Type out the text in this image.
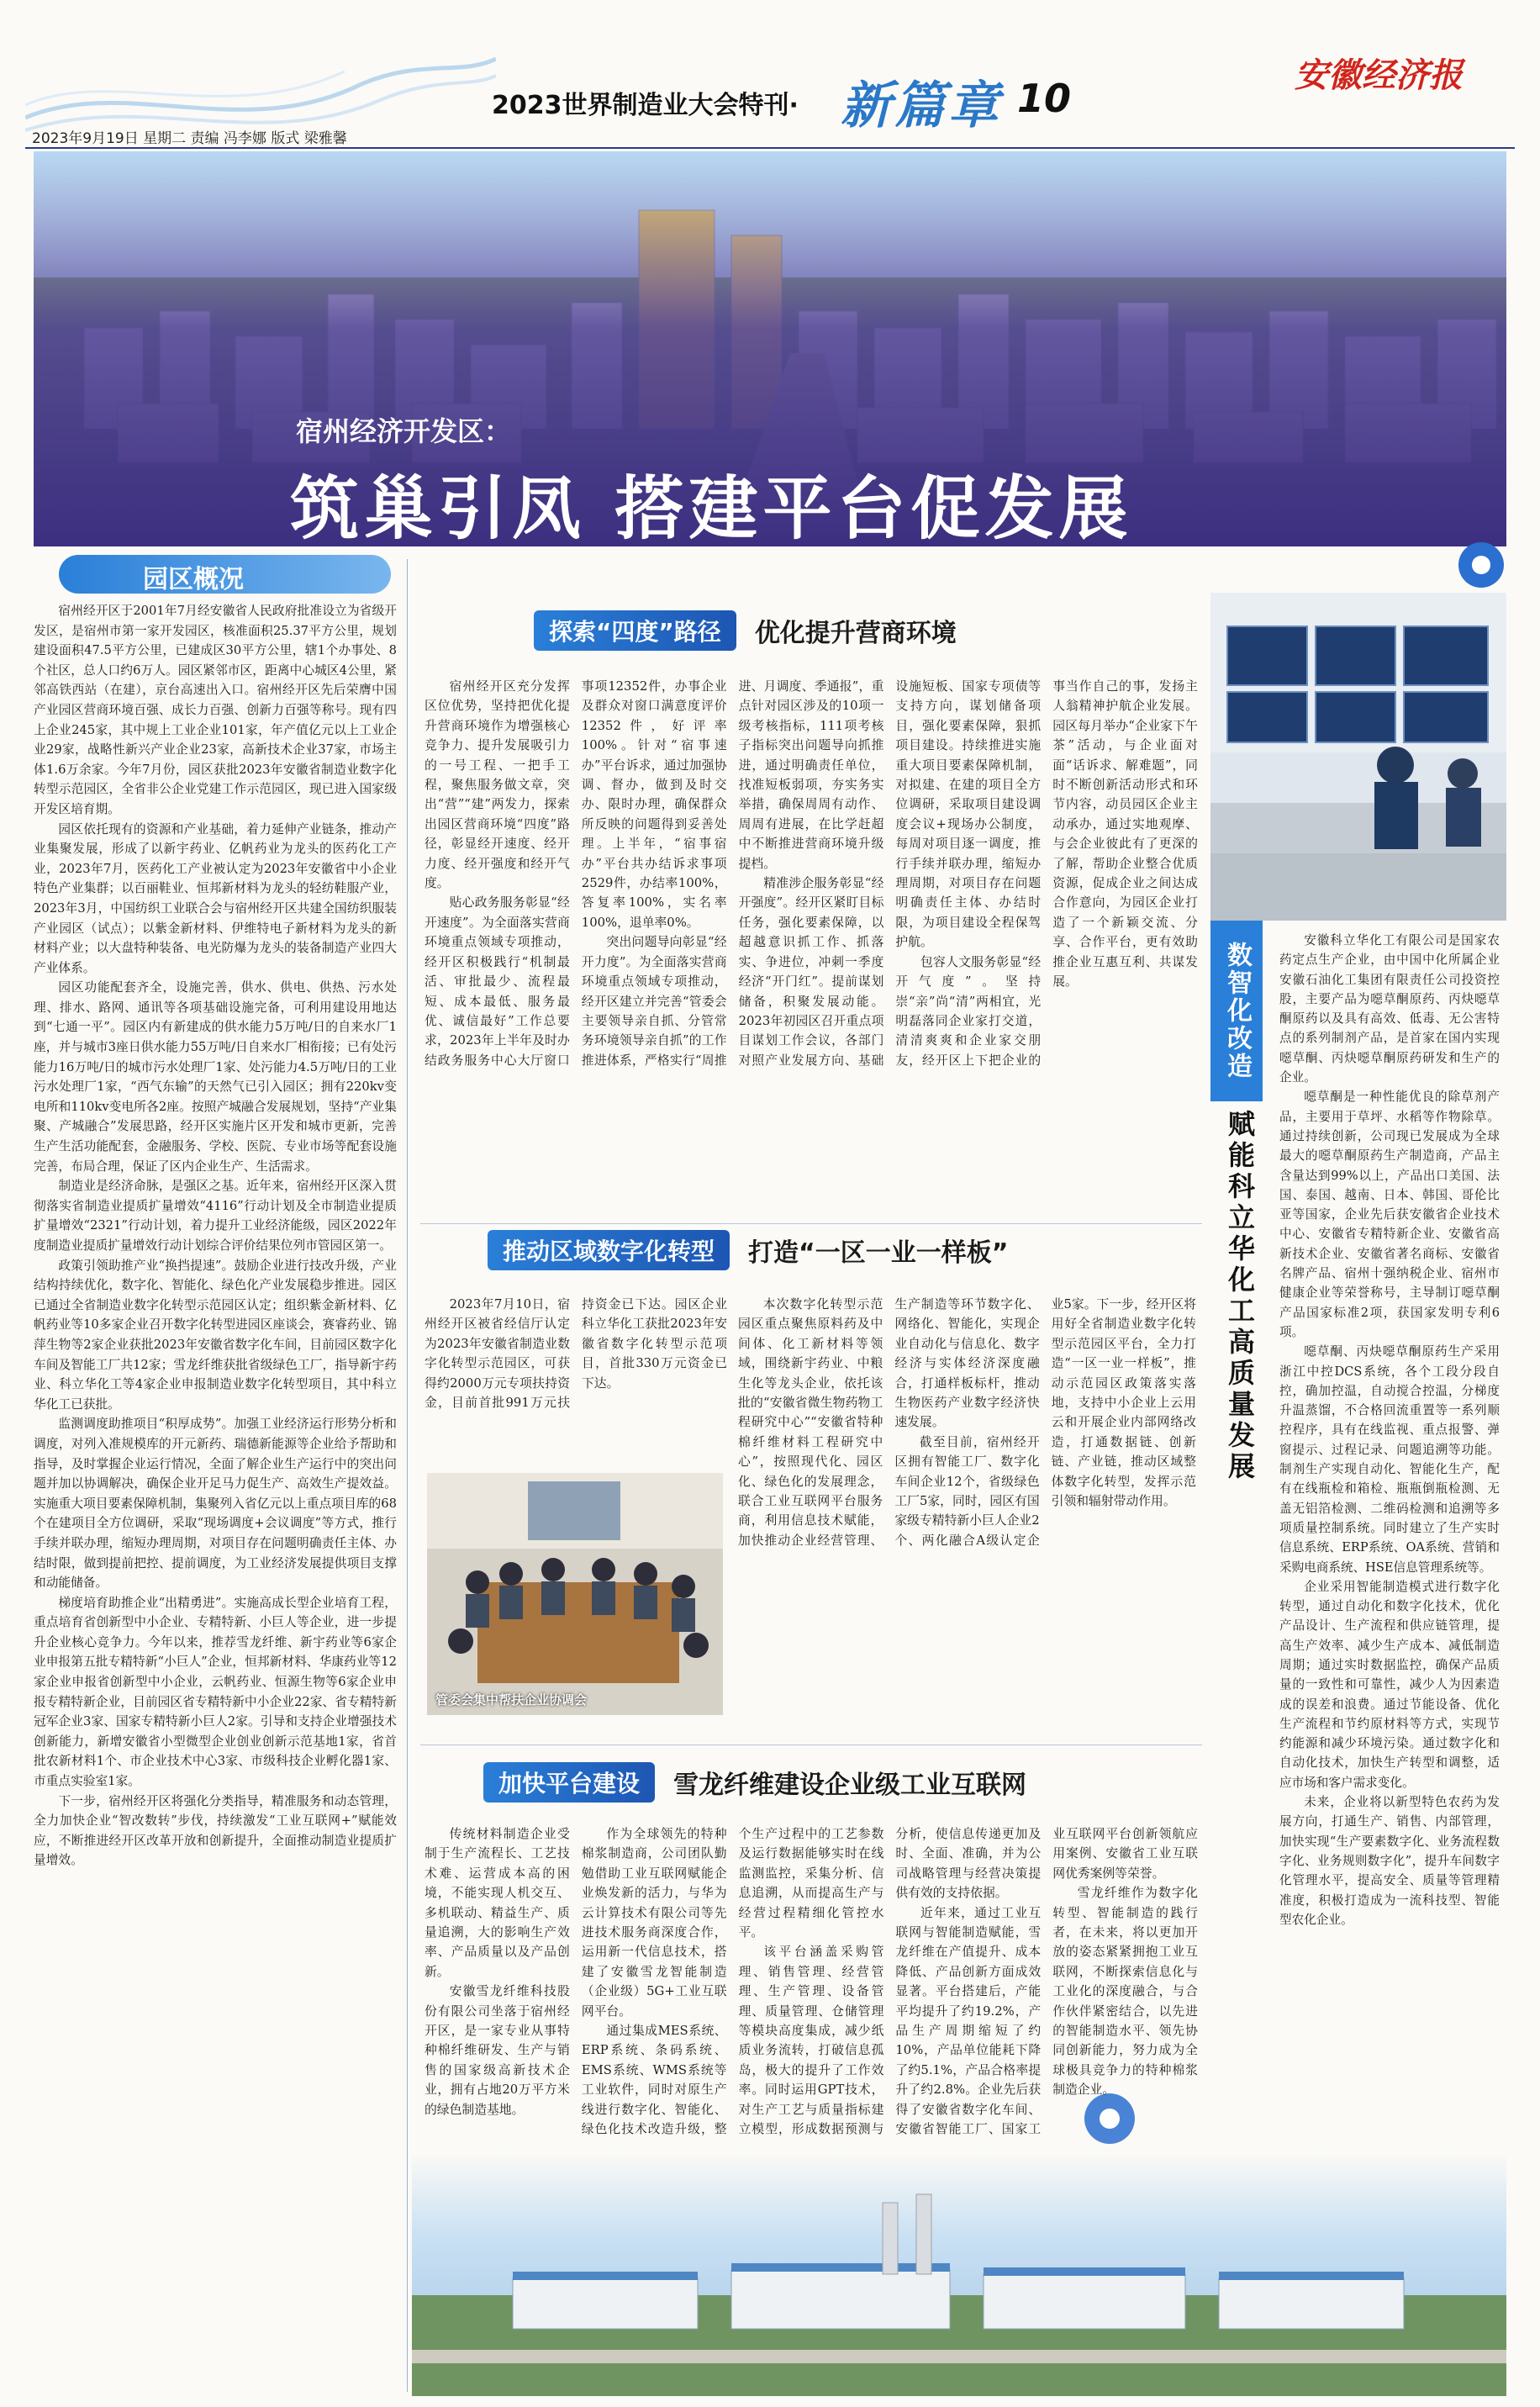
2023世界制造业大会特刊· 新篇章 10
安徽经济报
2023年9月19日 星期二 责编 冯李娜 版式 梁雅馨
宿州经济开发区：
筑巢引凤 搭建平台促发展
园区概况

宿州经开区于2001年7月经安徽省人民政府批准设立为省级开发区，是宿州市第一家开发园区，核准面积25.37平方公里，规划建设面积47.5平方公里，已建成区30平方公里，辖1个办事处、8个社区，总人口约6万人。园区紧邻市区，距离中心城区4公里，紧邻高铁西站（在建），京台高速出入口。宿州经开区先后荣膺中国产业园区营商环境百强、成长力百强、创新力百强等称号。现有四上企业245家，其中规上工业企业101家，年产值亿元以上工业企业29家，战略性新兴产业企业23家，高新技术企业37家，市场主体1.6万余家。今年7月份，园区获批2023年安徽省制造业数字化转型示范园区，全省非公企业党建工作示范园区，现已进入国家级开发区培育期。

园区依托现有的资源和产业基础，着力延伸产业链条，推动产业集聚发展，形成了以新宇药业、亿帆药业为龙头的医药化工产业，2023年7月，医药化工产业被认定为2023年安徽省中小企业特色产业集群；以百丽鞋业、恒邦新材料为龙头的轻纺鞋服产业，2023年3月，中国纺织工业联合会与宿州经开区共建全国纺织服装产业园区（试点）；以紫金新材料、伊维特电子新材料为龙头的新材料产业；以大盘特种装备、电光防爆为龙头的装备制造产业四大产业体系。

园区功能配套齐全，设施完善，供水、供电、供热、污水处理、排水、路网、通讯等各项基础设施完备，可利用建设用地达到“七通一平”。园区内有新建成的供水能力5万吨/日的自来水厂1座，并与城市3座日供水能力55万吨/日自来水厂相衔接；已有处污能力16万吨/日的城市污水处理厂1家、处污能力4.5万吨/日的工业污水处理厂1家，“西气东输”的天然气已引入园区；拥有220kv变电所和110kv变电所各2座。按照产城融合发展规划，坚持“产业集聚、产城融合”发展思路，经开区实施片区开发和城市更新，完善生产生活功能配套，金融服务、学校、医院、专业市场等配套设施完善，布局合理，保证了区内企业生产、生活需求。

制造业是经济命脉，是强区之基。近年来，宿州经开区深入贯彻落实省制造业提质扩量增效“4116”行动计划及全市制造业提质扩量增效“2321”行动计划，着力提升工业经济能级，园区2022年度制造业提质扩量增效行动计划综合评价结果位列市管园区第一。

政策引领助推产业“换挡提速”。鼓励企业进行技改升级，产业结构持续优化，数字化、智能化、绿色化产业发展稳步推进。园区已通过全省制造业数字化转型示范园区认定；组织紫金新材料、亿帆药业等10多家企业召开数字化转型进园区座谈会，赛睿药业、锦萍生物等2家企业获批2023年安徽省数字化车间，目前园区数字化车间及智能工厂共12家；雪龙纤维获批省级绿色工厂，指导新宇药业、科立华化工等4家企业申报制造业数字化转型项目，其中科立华化工已获批。

监测调度助推项目“积厚成势”。加强工业经济运行形势分析和调度，对列入准规模库的开元新药、瑞德新能源等企业给予帮助和指导，及时掌握企业运行情况，全面了解企业生产运行中的突出问题并加以协调解决，确保企业开足马力促生产、高效生产提效益。实施重大项目要素保障机制，集聚列入省亿元以上重点项目库的68个在建项目全方位调研，采取“现场调度+会议调度”等方式，推行手续并联办理，缩短办理周期，对项目存在问题明确责任主体、办结时限，做到提前把控、提前调度，为工业经济发展提供项目支撑和动能储备。

梯度培育助推企业“出精勇进”。实施高成长型企业培育工程，重点培育省创新型中小企业、专精特新、小巨人等企业，进一步提升企业核心竞争力。今年以来，推荐雪龙纤维、新宇药业等6家企业申报第五批专精特新“小巨人”企业，恒邦新材料、华康药业等12家企业申报省创新型中小企业，云帆药业、恒源生物等6家企业申报专精特新企业，目前园区省专精特新中小企业22家、省专精特新冠军企业3家、国家专精特新小巨人2家。引导和支持企业增强技术创新能力，新增安徽省小型微型企业创业创新示范基地1家，省首批农新材料1个、市企业技术中心3家、市级科技企业孵化器1家、市重点实验室1家。

下一步，宿州经开区将强化分类指导，精准服务和动态管理，全力加快企业“智改数转”步伐，持续激发“工业互联网+”赋能效应，不断推进经开区改革开放和创新提升，全面推动制造业提质扩量增效。

探索“四度”路径	优化提升营商环境

宿州经开区充分发挥区位优势，坚持把优化提升营商环境作为增强核心竞争力、提升发展吸引力的一号工程、一把手工程，聚焦服务做文章，突出“营”“建”两发力，探索出园区营商环境“四度”路径，彰显经开速度、经开力度、经开强度和经开气度。

贴心政务服务彰显“经开速度”。为全面落实营商环境重点领域专项推动，经开区积极践行“机制最活、审批最少、流程最短、成本最低、服务最优、诚信最好”工作总要求，2023年上半年及时办结政务服务中心大厅窗口事项12352件，办事企业及群众对窗口满意度评价12352件，好评率100%。针对“宿事速办”平台诉求，通过加强协调、督办，做到及时交办、限时办理，确保群众所反映的问题得到妥善处理。上半年，“宿事宿办”平台共办结诉求事项2529件，办结率100%，答复率100%，实名率100%，退单率0%。

突出问题导向彰显“经开力度”。为全面落实营商环境重点领域专项推动，经开区建立并完善“管委会主要领导亲自抓、分管常务环境领导亲自抓”的工作推进体系，严格实行“周推进、月调度、季通报”，重点针对园区涉及的10项一级考核指标，111项考核子指标突出问题导向抓推进，通过明确责任单位，找准短板弱项，夯实务实举措，确保周周有动作、周周有进展，在比学赶超中不断推进营商环境升级提档。

精准涉企服务彰显“经开强度”。经开区紧盯目标任务，强化要素保障，以超越意识抓工作、抓落实、争进位，冲刺一季度经济“开门红”。提前谋划储备，积聚发展动能。2023年初园区召开重点项目谋划工作会议，各部门对照产业发展方向、基础设施短板、国家专项债等支持方向，谋划储备项目，强化要素保障，狠抓项目建设。持续推进实施重大项目要素保障机制，对拟建、在建的项目全方位调研，采取项目建设调度会议+现场办公制度，每周对项目逐一调度，推行手续并联办理，缩短办理周期，对项目存在问题明确责任主体、办结时限，为项目建设全程保驾护航。

包容人文服务彰显“经开气度”。坚持崇“亲”尚“清”两相宜，光明磊落同企业家打交道，清清爽爽和企业家交朋友，经开区上下把企业的事当作自己的事，发扬主人翁精神护航企业发展。园区每月举办“企业家下午茶”活动，与企业面对面“话诉求、解难题”，同时不断创新活动形式和环节内容，动员园区企业主动承办，通过实地观摩、与会企业彼此有了更深的了解，帮助企业整合优质资源，促成企业之间达成合作意向，为园区企业打造了一个新颖交流、分享、合作平台，更有效助推企业互惠互利、共谋发展。	数智化改造
赋能科立华化工高质量发展

安徽科立华化工有限公司是国家农药定点生产企业，由中国中化所属企业安徽石油化工集团有限责任公司投资控股，主要产品为噁草酮原药、丙炔噁草酮原药以及具有高效、低毒、无公害特点的系列制剂产品，是首家在国内实现噁草酮、丙炔噁草酮原药研发和生产的企业。

噁草酮是一种性能优良的除草剂产品，主要用于草坪、水稻等作物除草。通过持续创新，公司现已发展成为全球最大的噁草酮原药生产制造商，产品主含量达到99%以上，产品出口美国、法国、泰国、越南、日本、韩国、哥伦比亚等国家，企业先后获安徽省企业技术中心、安徽省专精特新企业、安徽省高新技术企业、安徽省著名商标、安徽省名牌产品、宿州十强纳税企业、宿州市健康企业等荣誉称号，主导制订噁草酮产品国家标准2项，获国家发明专利6项。

噁草酮、丙炔噁草酮原药生产采用浙江中控DCS系统，各个工段分段自控，确加控温，自动搅合控温，分梯度升温蒸馏，不合格回流重置等一系列顺控程序，具有在线监视、重点报警、弹窗提示、过程记录、问题追溯等功能。制剂生产实现自动化、智能化生产，配有在线瓶检和箱检、瓶瓶倒瓶检测、无盖无铝箔检测、二维码检测和追溯等多项质量控制系统。同时建立了生产实时信息系统、ERP系统、OA系统、营销和采购电商系统、HSE信息管理系统等。

企业采用智能制造模式进行数字化转型，通过自动化和数字化技术，优化产品设计、生产流程和供应链管理，提高生产效率、减少生产成本、减低制造周期；通过实时数据监控，确保产品质量的一致性和可靠性，减少人为因素造成的误差和浪费。通过节能设备、优化生产流程和节约原材料等方式，实现节约能源和减少环境污染。通过数字化和自动化技术，加快生产转型和调整，适应市场和客户需求变化。

未来，企业将以新型特色农药为发展方向，打通生产、销售、内部管理，加快实现“生产要素数字化、业务流程数字化、业务规则数字化”，提升车间数字化管理水平，提高安全、质量等管理精准度，积极打造成为一流科技型、智能型农化企业。

推动区域数字化转型	打造“一区一业一样板”

2023年7月10日，宿州经开区被省经信厅认定为2023年安徽省制造业数字化转型示范园区，可获得约2000万元专项扶持资金，目前首批991万元扶持资金已下达。园区企业科立华化工获批2023年安徽省数字化转型示范项目，首批330万元资金已下达。

管委会集中帮扶企业协调会

本次数字化转型示范园区重点聚焦原料药及中间体、化工新材料等领域，围绕新宇药业、中粮生化等龙头企业，依托该批的“安徽省微生物药物工程研究中心”“安徽省特种棉纤维材料工程研究中心”，按照现代化、园区化、绿色化的发展理念，联合工业互联网平台服务商，利用信息技术赋能，加快推动企业经营管理、生产制造等环节数字化、网络化、智能化，实现企业自动化与信息化、数字经济与实体经济深度融合，打通样板标杆，推动生物医药产业数字经济快速发展。

截至目前，宿州经开区拥有智能工厂、数字化车间企业12个，省级绿色工厂5家，同时，园区有国家级专精特新小巨人企业2个、两化融合A级认定企业5家。下一步，经开区将用好全省制造业数字化转型示范园区平台，全力打造“一区一业一样板”，推动示范园区政策落实落地，支持中小企业上云用云和开展企业内部网络改造，打通数据链、创新链、产业链，推动区域整体数字化转型，发挥示范引领和辐射带动作用。

加快平台建设	雪龙纤维建设企业级工业互联网

传统材料制造企业受制于生产流程长、工艺技术难、运营成本高的困境，不能实现人机交互、多机联动、精益生产、质量追溯，大的影响生产效率、产品质量以及产品创新。

安徽雪龙纤维科技股份有限公司坐落于宿州经开区，是一家专业从事特种棉纤维研发、生产与销售的国家级高新技术企业，拥有占地20万平方米的绿色制造基地。

作为全球领先的特种棉浆制造商，公司团队勤勉借助工业互联网赋能企业焕发新的活力，与华为云计算技术有限公司等先进技术服务商深度合作，运用新一代信息技术，搭建了安徽雪龙智能制造（企业级）5G+工业互联网平台。

通过集成MES系统、ERP系统、条码系统、EMS系统、WMS系统等工业软件，同时对原生产线进行数字化、智能化、绿色化技术改造升级，整个生产过程中的工艺参数及运行数据能够实时在线监测监控，采集分析、信息追溯，从而提高生产与经营过程精细化管控水平。

该平台涵盖采购管理、销售管理、经营管理、生产管理、设备管理、质量管理、仓储管理等模块高度集成，减少纸质业务流转，打破信息孤岛，极大的提升了工作效率。同时运用GPT技术，对生产工艺与质量指标建立模型，形成数据预测与分析，使信息传递更加及时、全面、准确，并为公司战略管理与经营决策提供有效的支持依据。

近年来，通过工业互联网与智能制造赋能，雪龙纤维在产值提升、成本降低、产品创新方面成效显著。平台搭建后，产能平均提升了约19.2%，产品生产周期缩短了约10%，产品单位能耗下降了约5.1%，产品合格率提升了约2.8%。企业先后获得了安徽省数字化车间、安徽省智能工厂、国家工业互联网平台创新领航应用案例、安徽省工业互联网优秀案例等荣誉。

雪龙纤维作为数字化转型、智能制造的践行者，在未来，将以更加开放的姿态紧紧拥抱工业互联网，不断探索信息化与工业化的深度融合，与合作伙伴紧密结合，以先进的智能制造水平、领先协同创新能力，努力成为全球极具竞争力的特种棉浆制造企业。
